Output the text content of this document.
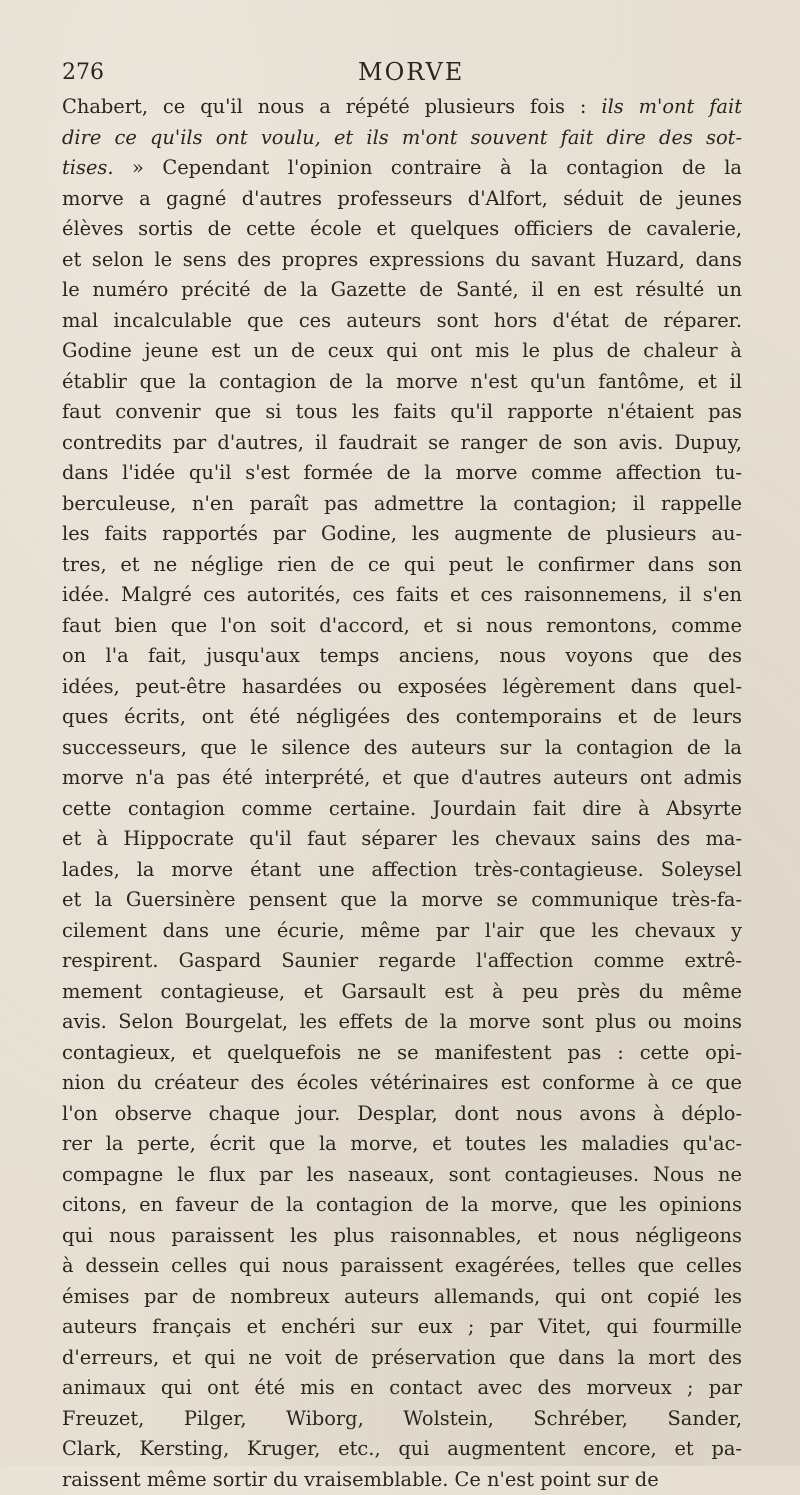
276	MORVE
Chabert, ce qu'il nous a répété plusieurs fois : ils m'ont fait
dire ce qu'ils ont voulu, et ils m'ont souvent fait dire des sot-
tises. » Cependant l'opinion contraire à la contagion de la
morve a gagné d'autres professeurs d'Alfort, séduit de jeunes
élèves sortis de cette école et quelques officiers de cavalerie,
et selon le sens des propres expressions du savant Huzard, dans
le numéro précité de la Gazette de Santé, il en est résulté un
mal incalculable que ces auteurs sont hors d'état de réparer.
Godine jeune est un de ceux qui ont mis le plus de chaleur à
établir que la contagion de la morve n'est qu'un fantôme, et il
faut convenir que si tous les faits qu'il rapporte n'étaient pas
contredits par d'autres, il faudrait se ranger de son avis. Dupuy,
dans l'idée qu'il s'est formée de la morve comme affection tu-
berculeuse, n'en paraît pas admettre la contagion; il rappelle
les faits rapportés par Godine, les augmente de plusieurs au-
tres, et ne néglige rien de ce qui peut le confirmer dans son
idée. Malgré ces autorités, ces faits et ces raisonnemens, il s'en
faut bien que l'on soit d'accord, et si nous remontons, comme
on l'a fait, jusqu'aux temps anciens, nous voyons que des
idées, peut-être hasardées ou exposées légèrement dans quel-
ques écrits, ont été négligées des contemporains et de leurs
successeurs, que le silence des auteurs sur la contagion de la
morve n'a pas été interprété, et que d'autres auteurs ont admis
cette contagion comme certaine. Jourdain fait dire à Absyrte
et à Hippocrate qu'il faut séparer les chevaux sains des ma-
lades, la morve étant une affection très-contagieuse. Soleysel
et la Guersinère pensent que la morve se communique très-fa-
cilement dans une écurie, même par l'air que les chevaux y
respirent. Gaspard Saunier regarde l'affection comme extrê-
mement contagieuse, et Garsault est à peu près du même
avis. Selon Bourgelat, les effets de la morve sont plus ou moins
contagieux, et quelquefois ne se manifestent pas : cette opi-
nion du créateur des écoles vétérinaires est conforme à ce que
l'on observe chaque jour. Desplar, dont nous avons à déplo-
rer la perte, écrit que la morve, et toutes les maladies qu'ac-
compagne le flux par les naseaux, sont contagieuses. Nous ne
citons, en faveur de la contagion de la morve, que les opinions
qui nous paraissent les plus raisonnables, et nous négligeons
à dessein celles qui nous paraissent exagérées, telles que celles
émises par de nombreux auteurs allemands, qui ont copié les
auteurs français et enchéri sur eux ; par Vitet, qui fourmille
d'erreurs, et qui ne voit de préservation que dans la mort des
animaux qui ont été mis en contact avec des morveux ; par
Freuzet, Pilger, Wiborg, Wolstein, Schréber, Sander,
Clark, Kersting, Kruger, etc., qui augmentent encore, et pa-
raissent même sortir du vraisemblable. Ce n'est point sur de
